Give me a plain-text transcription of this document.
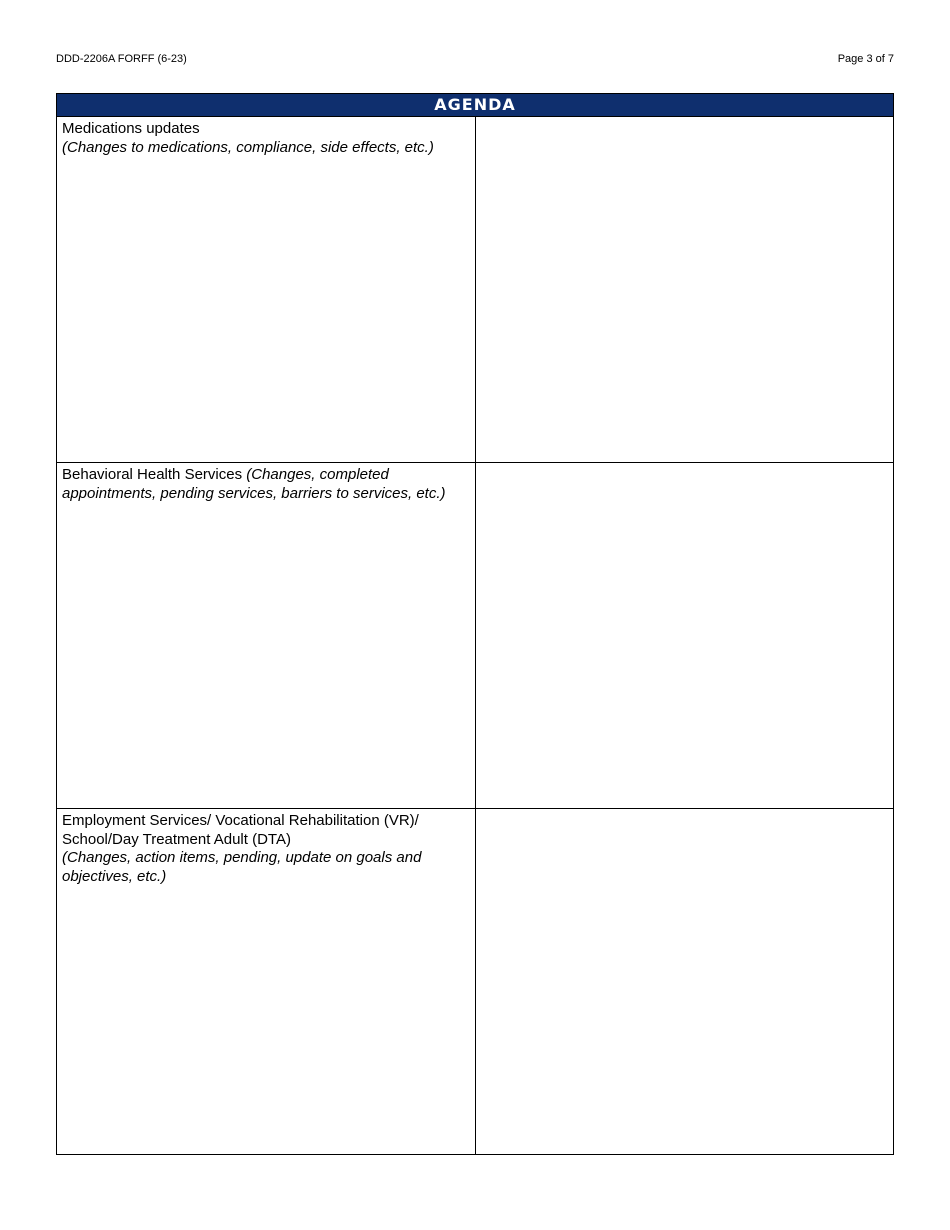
DDD-2206A FORFF (6-23)	Page 3 of 7
AGENDA	
Medications updates
(Changes to medications, compliance, side effects, etc.)	
Behavioral Health Services (Changes, completed appointments, pending services, barriers to services, etc.)	
Employment Services/ Vocational Rehabilitation (VR)/ School/Day Treatment Adult (DTA)
(Changes, action items, pending, update on goals and objectives, etc.)	
